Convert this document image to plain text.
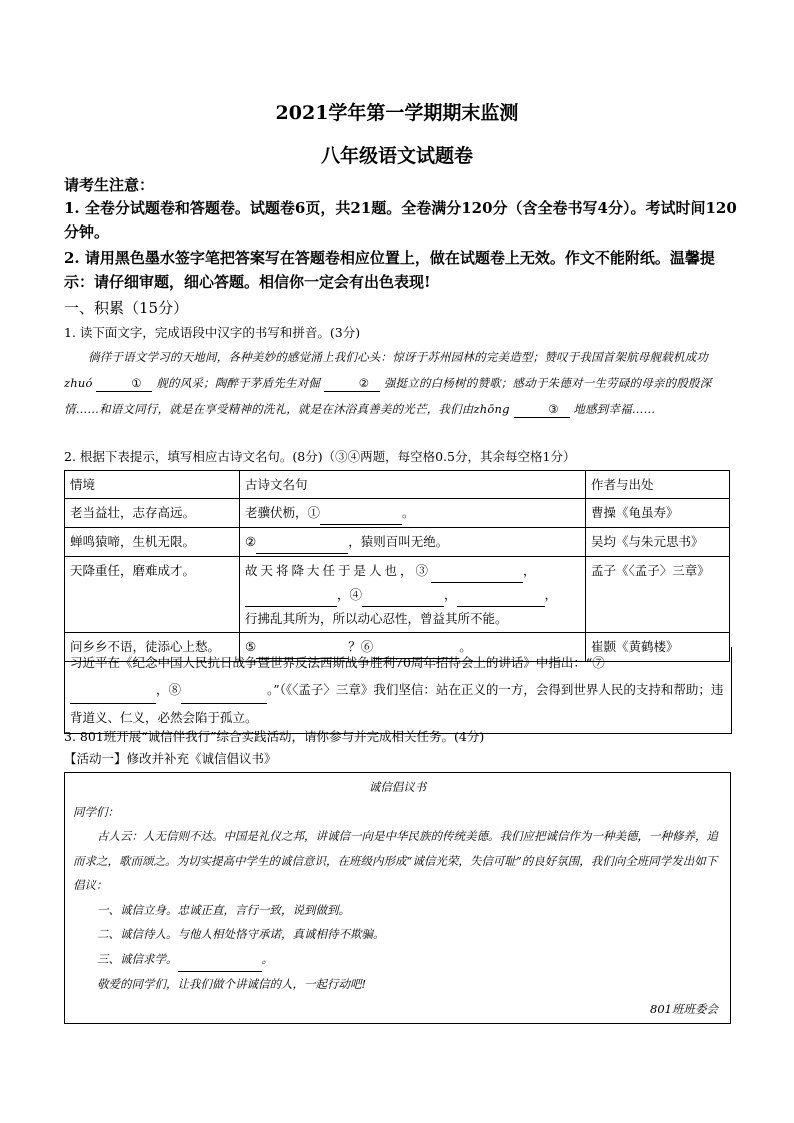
2021学年第一学期期末监测
八年级语文试题卷
请考生注意：
1. 全卷分试题卷和答题卷。试题卷6页，共21题。全卷满分120分（含全卷书写4分）。考试时间120分钟。
2. 请用黑色墨水签字笔把答案写在答题卷相应位置上，做在试题卷上无效。作文不能附纸。温馨提示：请仔细审题，细心答题。相信你一定会有出色表现!
一、积累（15分）
1. 读下面文字，完成语段中汉字的书写和拼音。(3分)
徜徉于语文学习的天地间，各种美妙的感觉涌上我们心头：惊讶于苏州园林的完美造型；赞叹于我国首架航母舰载机成功zhuó	① 舰的风采；陶醉于茅盾先生对倔	② 强挺立的白杨树的赞歌；感动于朱德对一生劳碌的母亲的殷殷深情……和语文同行，就是在享受精神的洗礼，就是在沐浴真善美的光芒，我们由zhōng	③ 地感到幸福……
2. 根据下表提示，填写相应古诗文名句。(8分)（③④两题，每空格0.5分，其余每空格1分）
情境	古诗文名句	作者与出处
老当益壮，志存高远。	老骥伏枥，① 。	曹操《龟虽寿》
蝉鸣猿啼，生机无限。	② ，猿则百叫无绝。	吴均《与朱元思书》
天降重任，磨难成才。	故天将降大任于是人也，③ ，
，④ ， ，
行拂乱其所为，所以动心忍性，曾益其所不能。	孟子《〈孟子〉三章》
问乡乡不语，徒添心上愁。	⑤ ？⑥ 。	崔颢《黄鹤楼》
习近平在《纪念中国人民抗日战争暨世界反法西斯战争胜利70周年招待会上的讲话》中指出：“⑦
，⑧	。”（《〈孟子〉三章》我们坚信：站在正义的一方，会得到世界人民的支持和帮助；违背道义、仁义，必然会陷于孤立。
3. 801班开展“诚信伴我行”综合实践活动，请你参与并完成相关任务。(4分)
【活动一】修改并补充《诚信倡议书》
诚信倡议书

同学们：

古人云：人无信则不达。中国是礼仪之邦，讲诚信一向是中华民族的传统美德。我们应把诚信作为一种美德，一种修养，追而求之，歌而颂之。为切实提高中学生的诚信意识，在班级内形成“诚信光荣，失信可耻”的良好氛围，我们向全班同学发出如下倡议：

一、诚信立身。忠诚正直，言行一致，说到做到。

二、诚信待人。与他人相处恪守承诺，真诚相待不欺骗。

三、诚信求学。	。

敬爱的同学们，让我们做个讲诚信的人，一起行动吧!

801班班委会
